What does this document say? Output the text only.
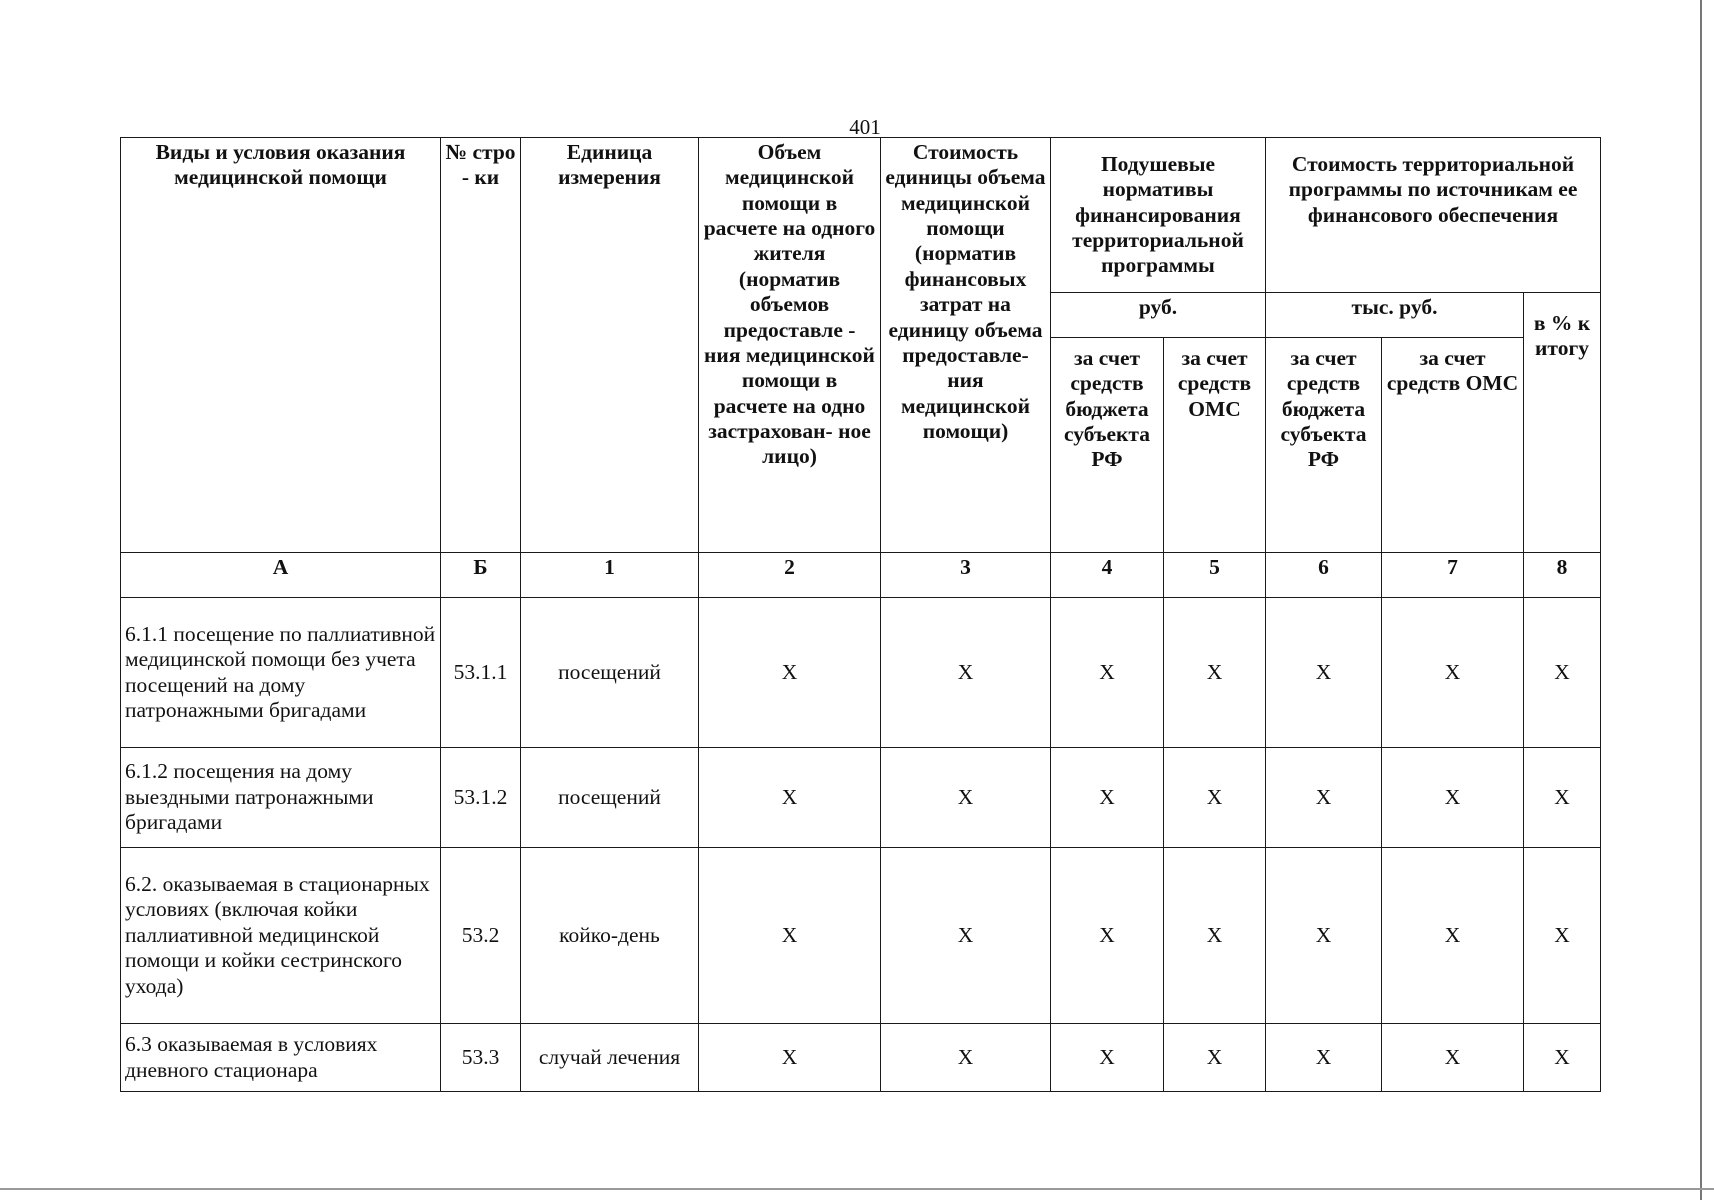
401
Виды и условия оказания медицинской помощи	№ стро - ки	Единица измерения	Объем медицинской помощи в расчете на одного жителя (норматив объемов предоставле - ния медицинской помощи в расчете на одно застрахован- ное лицо)	Стоимость единицы объема медицинской помощи (норматив финансовых затрат на единицу объема предоставле- ния медицинской помощи)	Подушевые нормативы финансирования территориальной программы		Стоимость территориальной программы по источникам ее финансового обеспечения		
					руб.		тыс. руб.		в % к итогу
					за счет средств бюджета субъекта РФ	за счет средств ОМС	за счет средств бюджета субъекта РФ	за счет средств ОМС	
А	Б	1	2	3	4	5	6	7	8
6.1.1 посещение по паллиативной медицинской помощи без учета посещений на дому патронажными бригадами	53.1.1	посещений	Х	Х	Х	Х	Х	Х	Х
6.1.2 посещения на дому выездными патронажными бригадами	53.1.2	посещений	Х	Х	Х	Х	Х	Х	Х
6.2. оказываемая в стационарных условиях (включая койки паллиативной медицинской помощи и койки сестринского ухода)	53.2	койко-день	Х	Х	Х	Х	Х	Х	Х
6.3 оказываемая в условиях дневного стационара	53.3	случай лечения	Х	Х	Х	Х	Х	Х	Х
